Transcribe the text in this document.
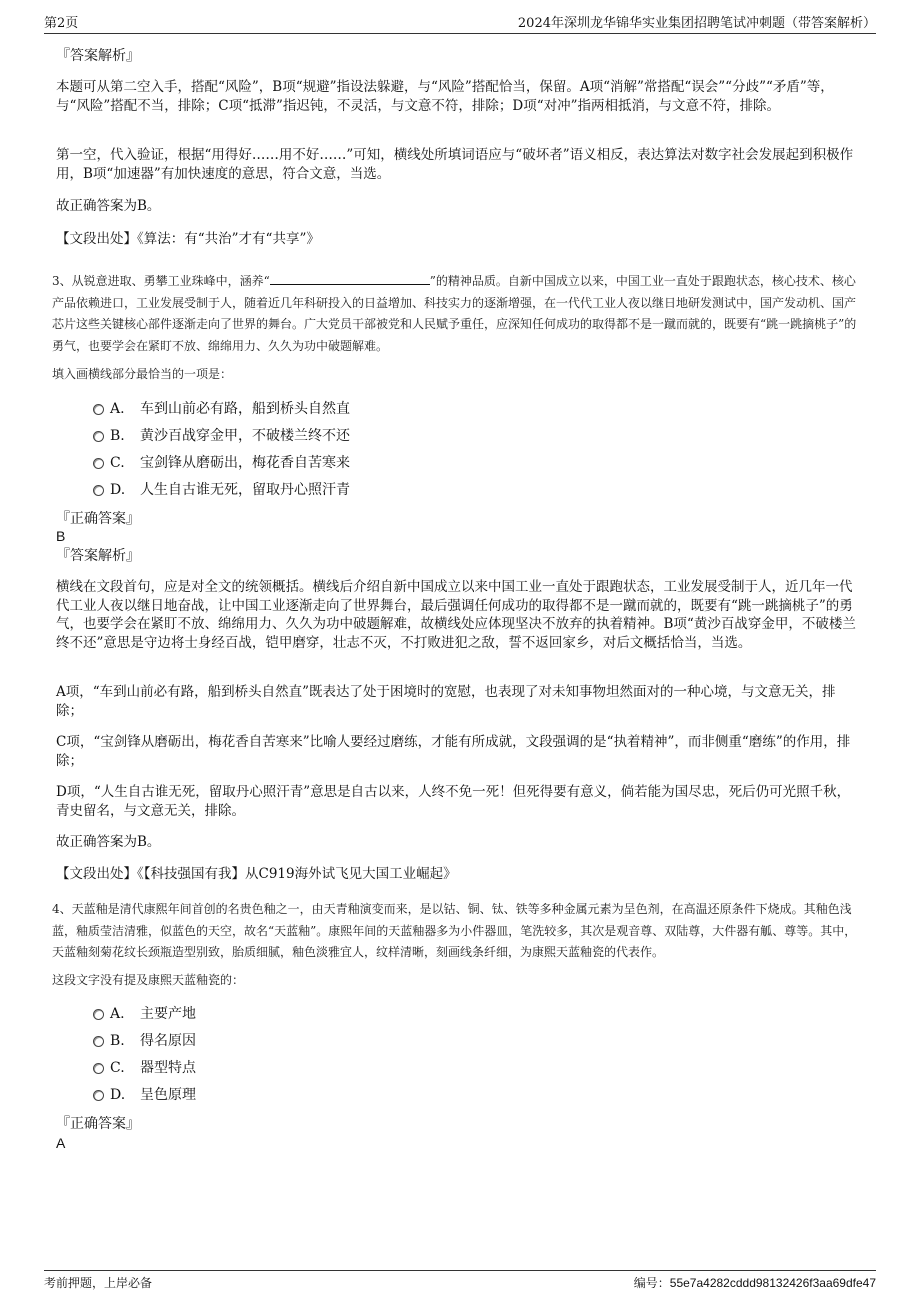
第2页	2024年深圳龙华锦华实业集团招聘笔试冲刺题（带答案解析）
『答案解析』

本题可从第二空入手，搭配“风险”，B项“规避”指设法躲避，与“风险”搭配恰当，保留。A项“消解”常搭配“误会”“分歧”“矛盾”等，与“风险”搭配不当，排除；C项“抵滞”指迟钝，不灵活，与文意不符，排除；D项“对冲”指两相抵消，与文意不符，排除。

第一空，代入验证，根据“用得好……用不好……”可知，横线处所填词语应与“破坏者”语义相反，表达算法对数字社会发展起到积极作用，B项“加速器”有加快速度的意思，符合文意，当选。

故正确答案为B。

【文段出处】《算法：有“共治”才有“共享”》

3、从锐意进取、勇攀工业珠峰中，涵养“	”的精神品质。自新中国成立以来，中国工业一直处于跟跑状态，核心技术、核心产品依赖进口，工业发展受制于人，随着近几年科研投入的日益增加、科技实力的逐渐增强，在一代代工业人夜以继日地研发测试中，国产发动机、国产芯片这些关键核心部件逐渐走向了世界的舞台。广大党员干部被党和人民赋予重任，应深知任何成功的取得都不是一蹴而就的，既要有“跳一跳摘桃子”的勇气，也要学会在紧盯不放、绵绵用力、久久为功中破题解难。

填入画横线部分最恰当的一项是：

A.	车到山前必有路，船到桥头自然直
B.	黄沙百战穿金甲，不破楼兰终不还
C.	宝剑锋从磨砺出，梅花香自苦寒来
D.	人生自古谁无死，留取丹心照汗青
『正确答案』
B
『答案解析』

横线在文段首句，应是对全文的统领概括。横线后介绍自新中国成立以来中国工业一直处于跟跑状态，工业发展受制于人，近几年一代代工业人夜以继日地奋战，让中国工业逐渐走向了世界舞台，最后强调任何成功的取得都不是一蹴而就的，既要有“跳一跳摘桃子”的勇气，也要学会在紧盯不放、绵绵用力、久久为功中破题解难，故横线处应体现坚决不放弃的执着精神。B项“黄沙百战穿金甲，不破楼兰终不还”意思是守边将士身经百战，铠甲磨穿，壮志不灭，不打败进犯之敌，誓不返回家乡，对后文概括恰当，当选。

A项，“车到山前必有路，船到桥头自然直”既表达了处于困境时的宽慰，也表现了对未知事物坦然面对的一种心境，与文意无关，排除；

C项，“宝剑锋从磨砺出，梅花香自苦寒来”比喻人要经过磨练，才能有所成就，文段强调的是“执着精神”，而非侧重“磨练”的作用，排除；

D项，“人生自古谁无死，留取丹心照汗青”意思是自古以来，人终不免一死！但死得要有意义，倘若能为国尽忠，死后仍可光照千秋，青史留名，与文意无关，排除。

故正确答案为B。

【文段出处】《【科技强国有我】从C919海外试飞见大国工业崛起》

4、天蓝釉是清代康熙年间首创的名贵色釉之一，由天青釉演变而来，是以钴、铜、钛、铁等多种金属元素为呈色剂，在高温还原条件下烧成。其釉色浅蓝，釉质莹洁清雅，似蓝色的天空，故名“天蓝釉”。康熙年间的天蓝釉器多为小件器皿，笔洗较多，其次是观音尊、双陆尊，大件器有觚、尊等。其中，天蓝釉刻菊花纹长颈瓶造型别致，胎质细腻，釉色淡雅宜人，纹样清晰，刻画线条纤细，为康熙天蓝釉瓷的代表作。

这段文字没有提及康熙天蓝釉瓷的：

A.	主要产地
B.	得名原因
C.	器型特点
D.	呈色原理
『正确答案』
A
考前押题，上岸必备	编号：55e7a4282cddd98132426f3aa69dfe47
